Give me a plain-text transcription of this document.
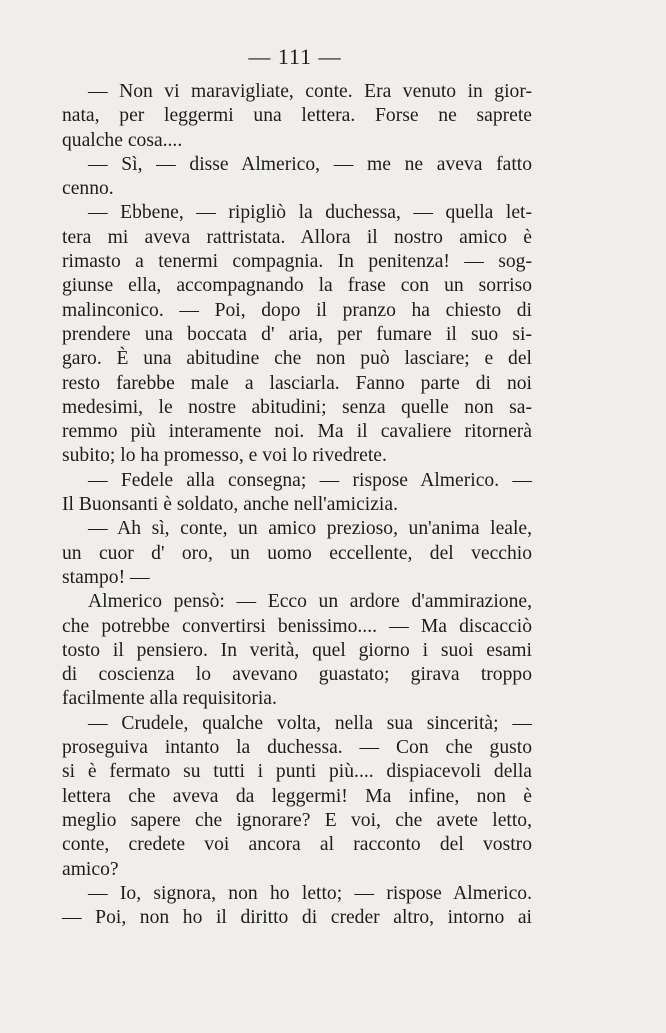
— 111 —
— Non vi maravigliate, conte. Era venuto in gior-
nata, per leggermi una lettera. Forse ne saprete
qualche cosa....
— Sì, — disse Almerico, — me ne aveva fatto
cenno.
— Ebbene, — ripigliò la duchessa, — quella let-
tera mi aveva rattristata. Allora il nostro amico è
rimasto a tenermi compagnia. In penitenza! — sog-
giunse ella, accompagnando la frase con un sorriso
malinconico. — Poi, dopo il pranzo ha chiesto di
prendere una boccata d' aria, per fumare il suo si-
garo. È una abitudine che non può lasciare; e del
resto farebbe male a lasciarla. Fanno parte di noi
medesimi, le nostre abitudini; senza quelle non sa-
remmo più interamente noi. Ma il cavaliere ritornerà
subito; lo ha promesso, e voi lo rivedrete.
— Fedele alla consegna; — rispose Almerico. —
Il Buonsanti è soldato, anche nell'amicizia.
— Ah sì, conte, un amico prezioso, un'anima leale,
un cuor d' oro, un uomo eccellente, del vecchio
stampo! —
Almerico pensò: — Ecco un ardore d'ammirazione,
che potrebbe convertirsi benissimo.... — Ma discacciò
tosto il pensiero. In verità, quel giorno i suoi esami
di coscienza lo avevano guastato; girava troppo
facilmente alla requisitoria.
— Crudele, qualche volta, nella sua sincerità; —
proseguiva intanto la duchessa. — Con che gusto
si è fermato su tutti i punti più.... dispiacevoli della
lettera che aveva da leggermi! Ma infine, non è
meglio sapere che ignorare? E voi, che avete letto,
conte, credete voi ancora al racconto del vostro
amico?
— Io, signora, non ho letto; — rispose Almerico.
— Poi, non ho il diritto di creder altro, intorno ai
